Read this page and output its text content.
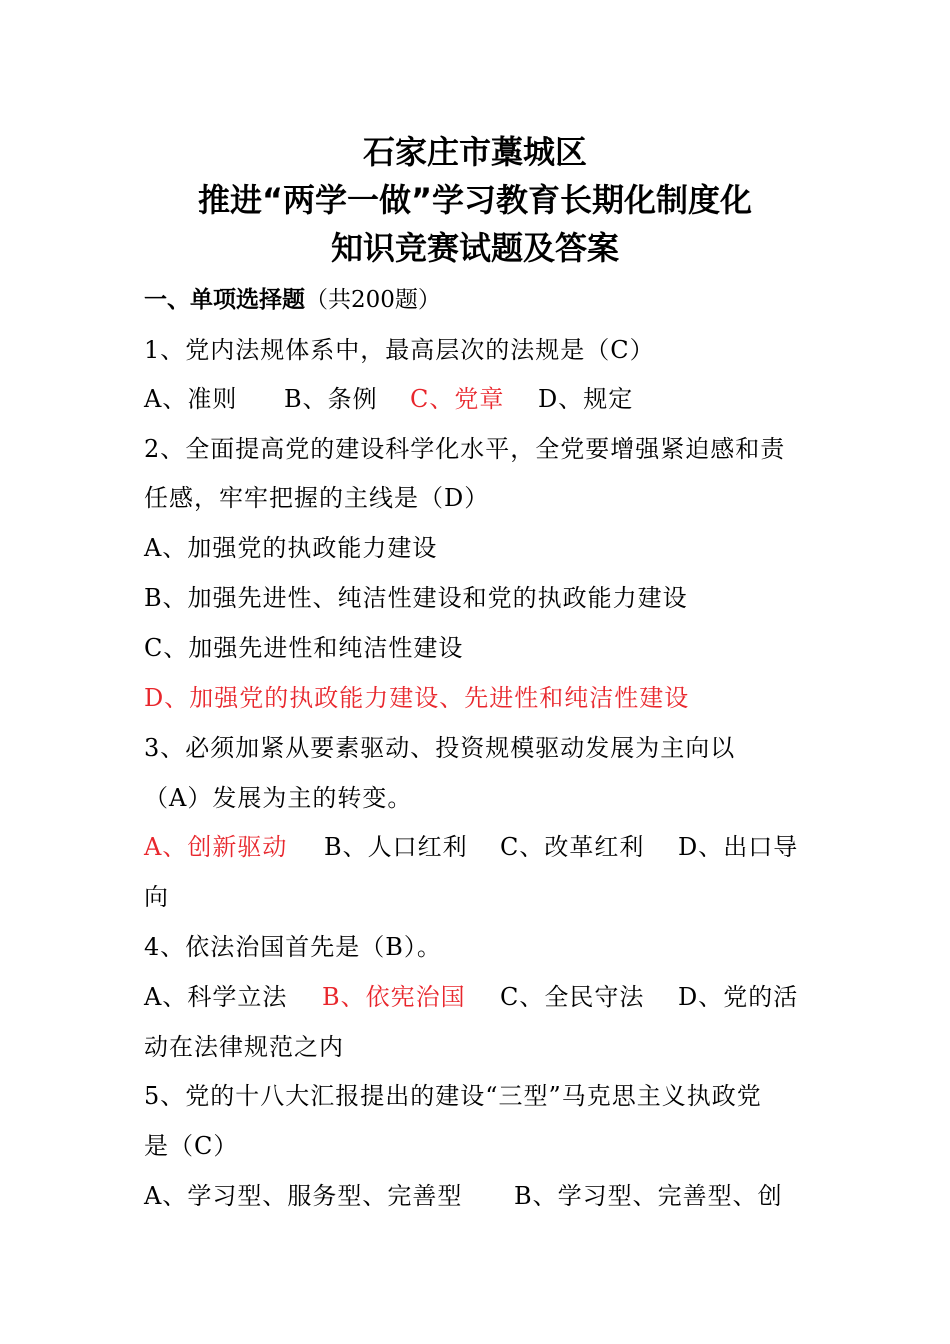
石家庄市藁城区
推进“两学一做”学习教育长期化制度化
知识竞赛试题及答案
一、单项选择题（共200题）
1、党内法规体系中，最高层次的法规是（C）
A、准则 B、条例 C、党章 D、规定
2、全面提高党的建设科学化水平，全党要增强紧迫感和责
任感，牢牢把握的主线是（D）
A、加强党的执政能力建设
B、加强先进性、纯洁性建设和党的执政能力建设
C、加强先进性和纯洁性建设
D、加强党的执政能力建设、先进性和纯洁性建设
3、必须加紧从要素驱动、投资规模驱动发展为主向以
（A）发展为主的转变。
A、创新驱动 B、人口红利 C、改革红利 D、出口导
向
4、依法治国首先是（B）。
A、科学立法 B、依宪治国 C、全民守法 D、党的活
动在法律规范之内
5、党的十八大汇报提出的建设“三型”马克思主义执政党
是（C）
A、学习型、服务型、完善型 B、学习型、完善型、创
